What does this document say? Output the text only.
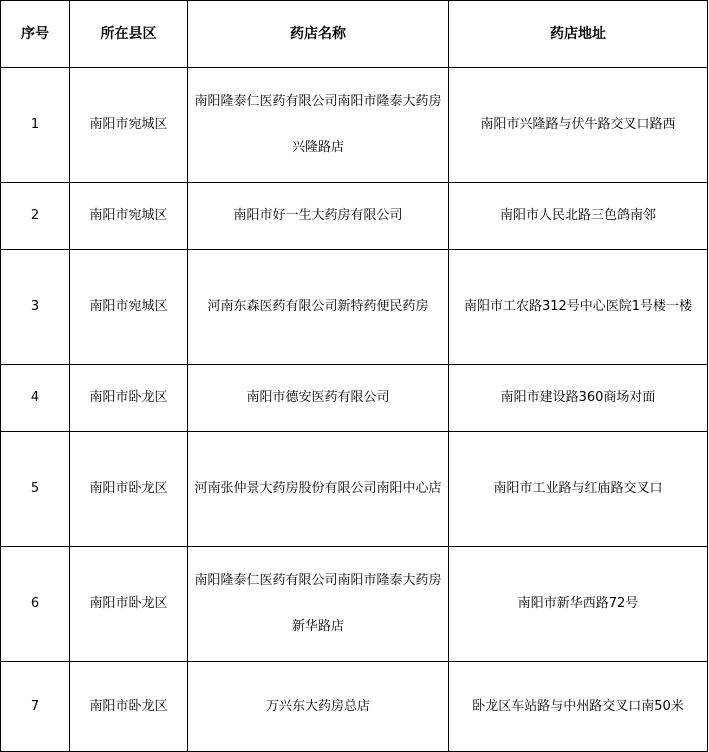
序号	所在县区	药店名称	药店地址
1	南阳市宛城区	南阳隆泰仁医药有限公司南阳市隆泰大药房兴隆路店	南阳市兴隆路与伏牛路交叉口路西

2	南阳市宛城区	南阳市好一生大药房有限公司	南阳市人民北路三色鸽南邻

3	南阳市宛城区	河南东森医药有限公司新特药便民药房	南阳市工农路312号中心医院1号楼一楼

4	南阳市卧龙区	南阳市德安医药有限公司	南阳市建设路360商场对面

5	南阳市卧龙区	河南张仲景大药房股份有限公司南阳中心店	南阳市工业路与红庙路交叉口

6	南阳市卧龙区	南阳隆泰仁医药有限公司南阳市隆泰大药房新华路店	南阳市新华西路72号

7	南阳市卧龙区	万兴东大药房总店	卧龙区车站路与中州路交叉口南50米
